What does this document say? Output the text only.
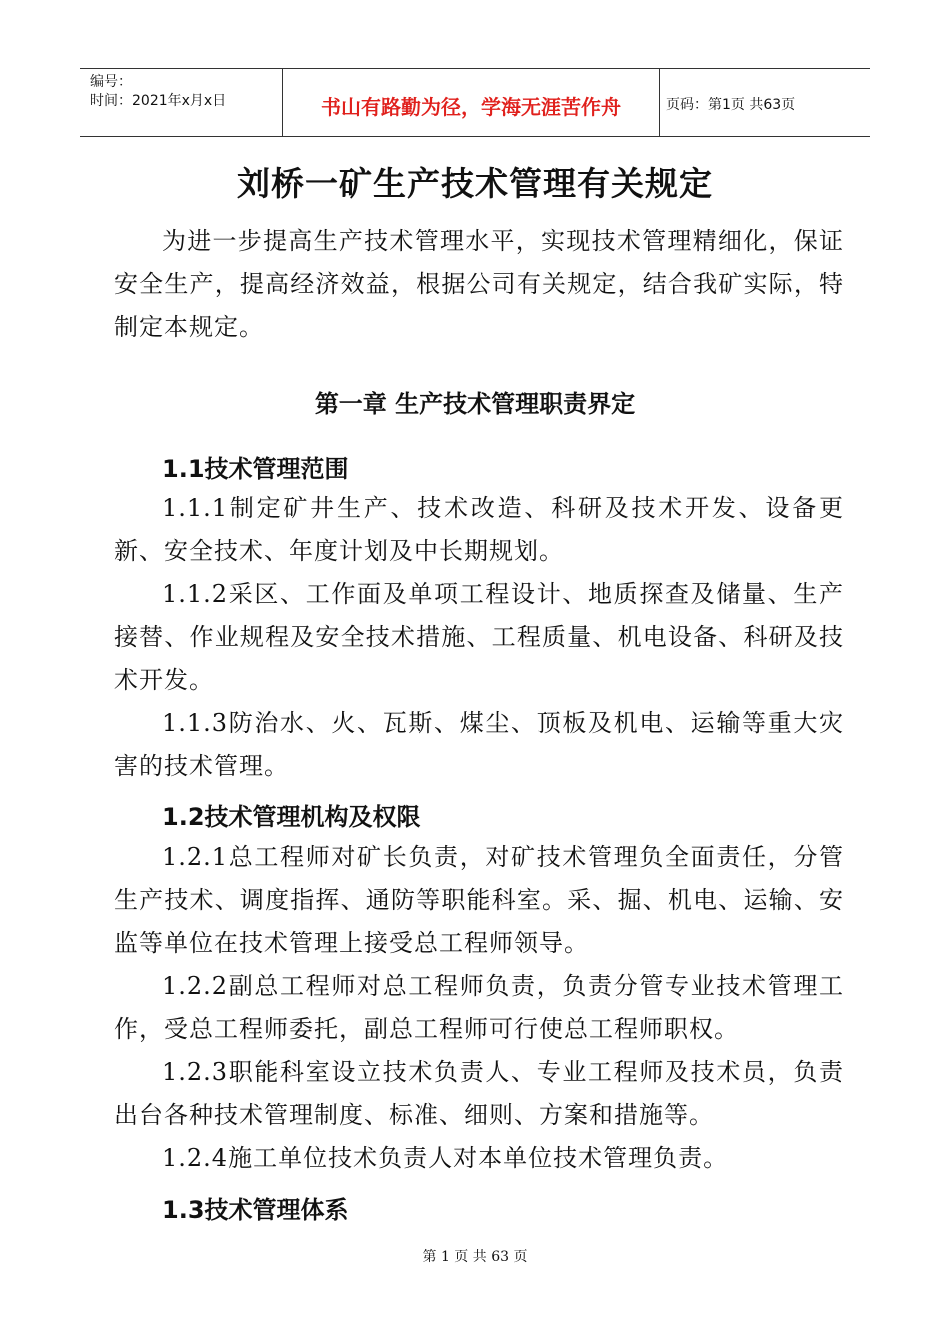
编号：
时间：2021年x月x日	书山有路勤为径，学海无涯苦作舟	页码：第1页 共63页
刘桥一矿生产技术管理有关规定

为进一步提高生产技术管理水平，实现技术管理精细化，保证安全生产，提高经济效益，根据公司有关规定，结合我矿实际，特制定本规定。

第一章 生产技术管理职责界定
1.1技术管理范围

1.1.1制定矿井生产、技术改造、科研及技术开发、设备更新、安全技术、年度计划及中长期规划。

1.1.2采区、工作面及单项工程设计、地质探查及储量、生产接替、作业规程及安全技术措施、工程质量、机电设备、科研及技术开发。

1.1.3防治水、火、瓦斯、煤尘、顶板及机电、运输等重大灾害的技术管理。

1.2技术管理机构及权限

1.2.1总工程师对矿长负责，对矿技术管理负全面责任，分管生产技术、调度指挥、通防等职能科室。采、掘、机电、运输、安监等单位在技术管理上接受总工程师领导。

1.2.2副总工程师对总工程师负责，负责分管专业技术管理工作，受总工程师委托，副总工程师可行使总工程师职权。

1.2.3职能科室设立技术负责人、专业工程师及技术员，负责出台各种技术管理制度、标准、细则、方案和措施等。

1.2.4施工单位技术负责人对本单位技术管理负责。

1.3技术管理体系
第 1 页 共 63 页
